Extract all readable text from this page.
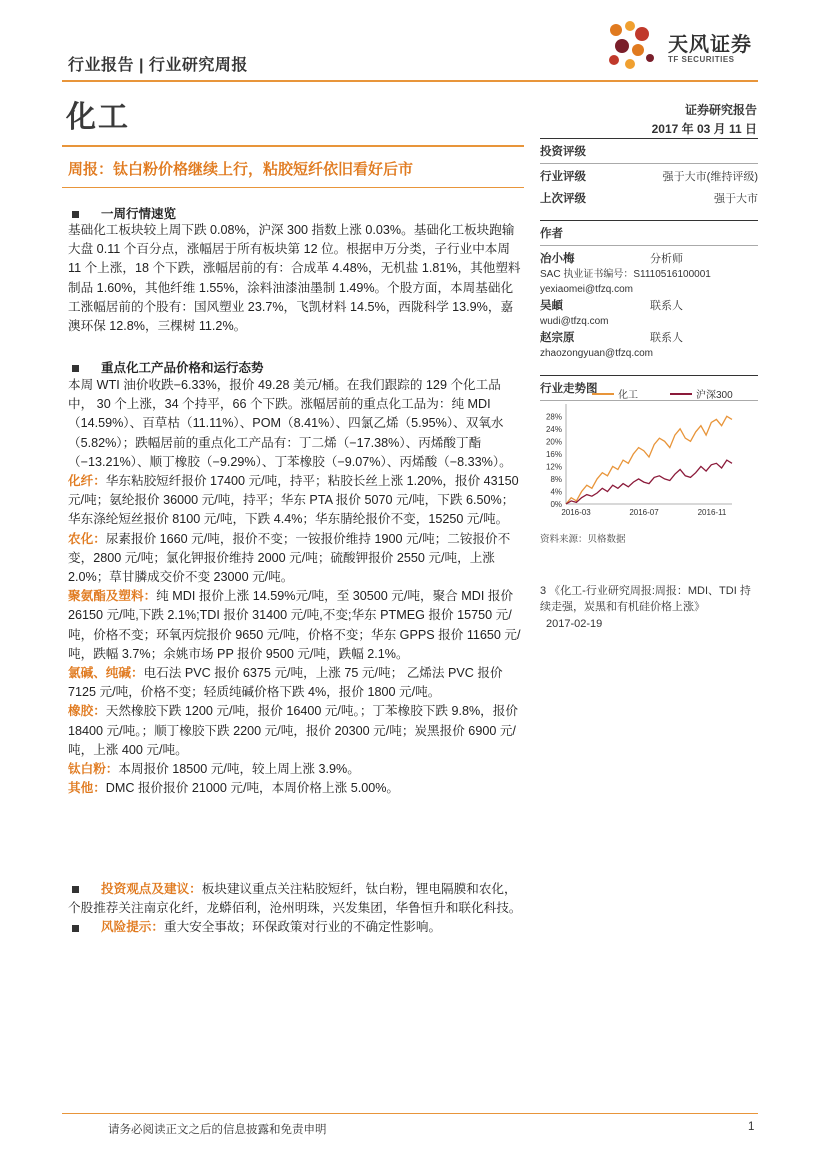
行业报告 | 行业研究周报
化工
天风证券
TF SECURITIES
证券研究报告
2017 年 03 月 11 日
周报：钛白粉价格继续上行，粘胶短纤依旧看好后市
一周行情速览
基础化工板块较上周下跌 0.08%，沪深 300 指数上涨 0.03%。基础化工板块跑输大盘 0.11 个百分点，涨幅居于所有板块第 12 位。根据申万分类，子行业中本周 11 个上涨，18 个下跌，涨幅居前的有：合成革 4.48%，无机盐 1.81%，其他塑料制品 1.60%，其他纤维 1.55%，涂料油漆油墨制 1.49%。个股方面，本周基础化工涨幅居前的个股有：国风塑业 23.7%，飞凯材料 14.5%，西陇科学 13.9%，嘉澳环保 12.8%，三棵树 11.2%。
重点化工产品价格和运行态势

本周 WTI 油价收跌−6.33%，报价 49.28 美元/桶。在我们跟踪的 129 个化工品中， 30 个上涨，34 个持平，66 个下跌。涨幅居前的重点化工品为：纯 MDI（14.59%）、百草枯（11.11%）、POM（8.41%）、四氯乙烯（5.95%）、双氧水（5.82%）；跌幅居前的重点化工产品有：丁二烯（−17.38%）、丙烯酸丁酯（−13.21%）、顺丁橡胶（−9.29%）、丁苯橡胶（−9.07%）、丙烯酸（−8.33%）。

化纤：华东粘胶短纤报价 17400 元/吨，持平；粘胶长丝上涨 1.20%，报价 43150 元/吨；氨纶报价 36000 元/吨，持平；华东 PTA 报价 5070 元/吨，下跌 6.50%；华东涤纶短丝报价 8100 元/吨，下跌 4.4%；华东腈纶报价不变，15250 元/吨。

农化：尿素报价 1660 元/吨，报价不变；一铵报价维持 1900 元/吨；二铵报价不变，2800 元/吨；氯化钾报价维持 2000 元/吨；硫酸钾报价 2550 元/吨，上涨 2.0%；草甘膦成交价不变 23000 元/吨。

聚氨酯及塑料：纯 MDI 报价上涨 14.59%元/吨，至 30500 元/吨，聚合 MDI 报价 26150 元/吨,下跌 2.1%;TDI 报价 31400 元/吨,不变;华东 PTMEG 报价 15750 元/吨，价格不变；环氧丙烷报价 9650 元/吨，价格不变；华东 GPPS 报价 11650 元/吨，跌幅 3.7%；余姚市场 PP 报价 9500 元/吨，跌幅 2.1%。

氯碱、纯碱：电石法 PVC 报价 6375 元/吨，上涨 75 元/吨； 乙烯法 PVC 报价 7125 元/吨，价格不变；轻质纯碱价格下跌 4%，报价 1800 元/吨。

橡胶：天然橡胶下跌 1200 元/吨，报价 16400 元/吨。；丁苯橡胶下跌 9.8%，报价 18400 元/吨。；顺丁橡胶下跌 2200 元/吨，报价 20300 元/吨；炭黑报价 6900 元/吨，上涨 400 元/吨。

钛白粉：本周报价 18500 元/吨，较上周上涨 3.9%。

其他：DMC 报价报价 21000 元/吨，本周价格上涨 5.00%。

投资观点及建议：板块建议重点关注粘胶短纤，钛白粉，锂电隔膜和农化，个股推荐关注南京化纤，龙蟒佰利，沧州明珠，兴发集团，华鲁恒升和联化科技。

风险提示：重大安全事故；环保政策对行业的不确定性影响。

投资评级
行业评级	强于大市(维持评级)
上次评级	强于大市
作者
冶小梅	分析师
SAC 执业证书编号：S1110516100001
yexiaomei@tfzq.com
吴頔	联系人
wudi@tfzq.com
赵宗原	联系人
zhaozongyuan@tfzq.com
行业走势图
化工	沪深300
0%
4%
8%
12%
16%
20%
24%
28%
2016-03	2016-07	2016-11
资料来源：贝格数据
3 《化工-行业研究周报:周报：MDI、TDI 持续走强，炭黑和有机硅价格上涨》
2017-02-19
请务必阅读正文之后的信息披露和免责申明	1
